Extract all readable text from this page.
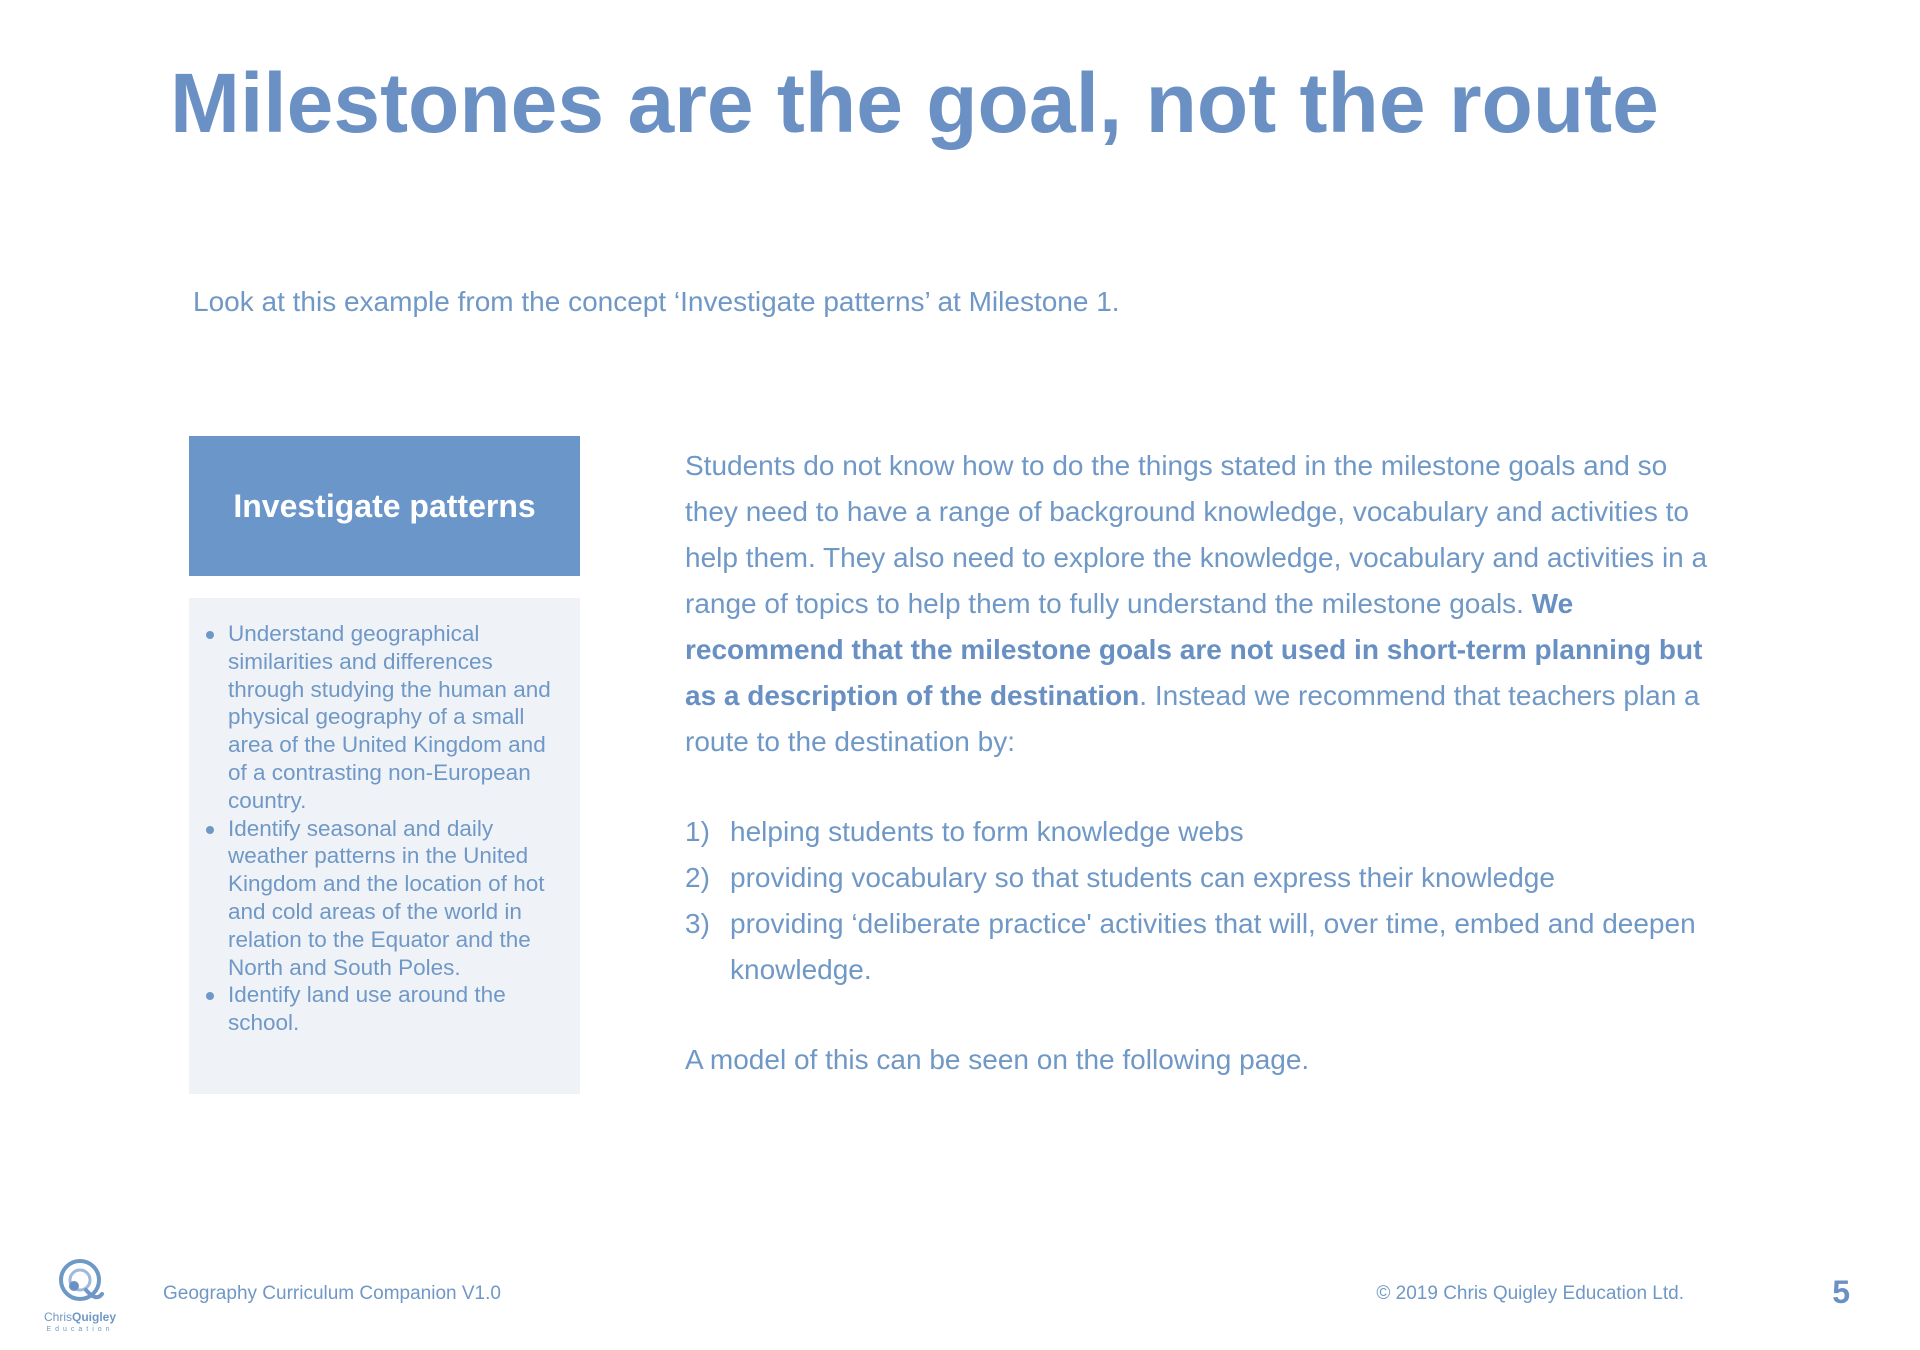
Milestones are the goal, not the route

Look at this example from the concept ‘Investigate patterns’ at Milestone 1.

Investigate patterns
Understand geographical similarities and differences through studying the human and physical geography of a small area of the United Kingdom and of a contrasting non-European country.
Identify seasonal and daily weather patterns in the United Kingdom and the location of hot and cold areas of the world in relation to the Equator and the North and South Poles.
Identify land use around the school.

Students do not know how to do the things stated in the milestone goals and so they need to have a range of background knowledge, vocabulary and activities to help them. They also need to explore the knowledge, vocabulary and activities in a range of topics to help them to fully understand the milestone goals. We recommend that the milestone goals are not used in short-term planning but as a description of the destination. Instead we recommend that teachers plan a route to the destination by:

1) helping students to form knowledge webs
2) providing vocabulary so that students can express their knowledge
3) providing ‘deliberate practice' activities that will, over time, embed and deepen knowledge.

A model of this can be seen on the following page.

ChrisQuigley
Education
Geography Curriculum Companion V1.0	© 2019 Chris Quigley Education Ltd.	5
